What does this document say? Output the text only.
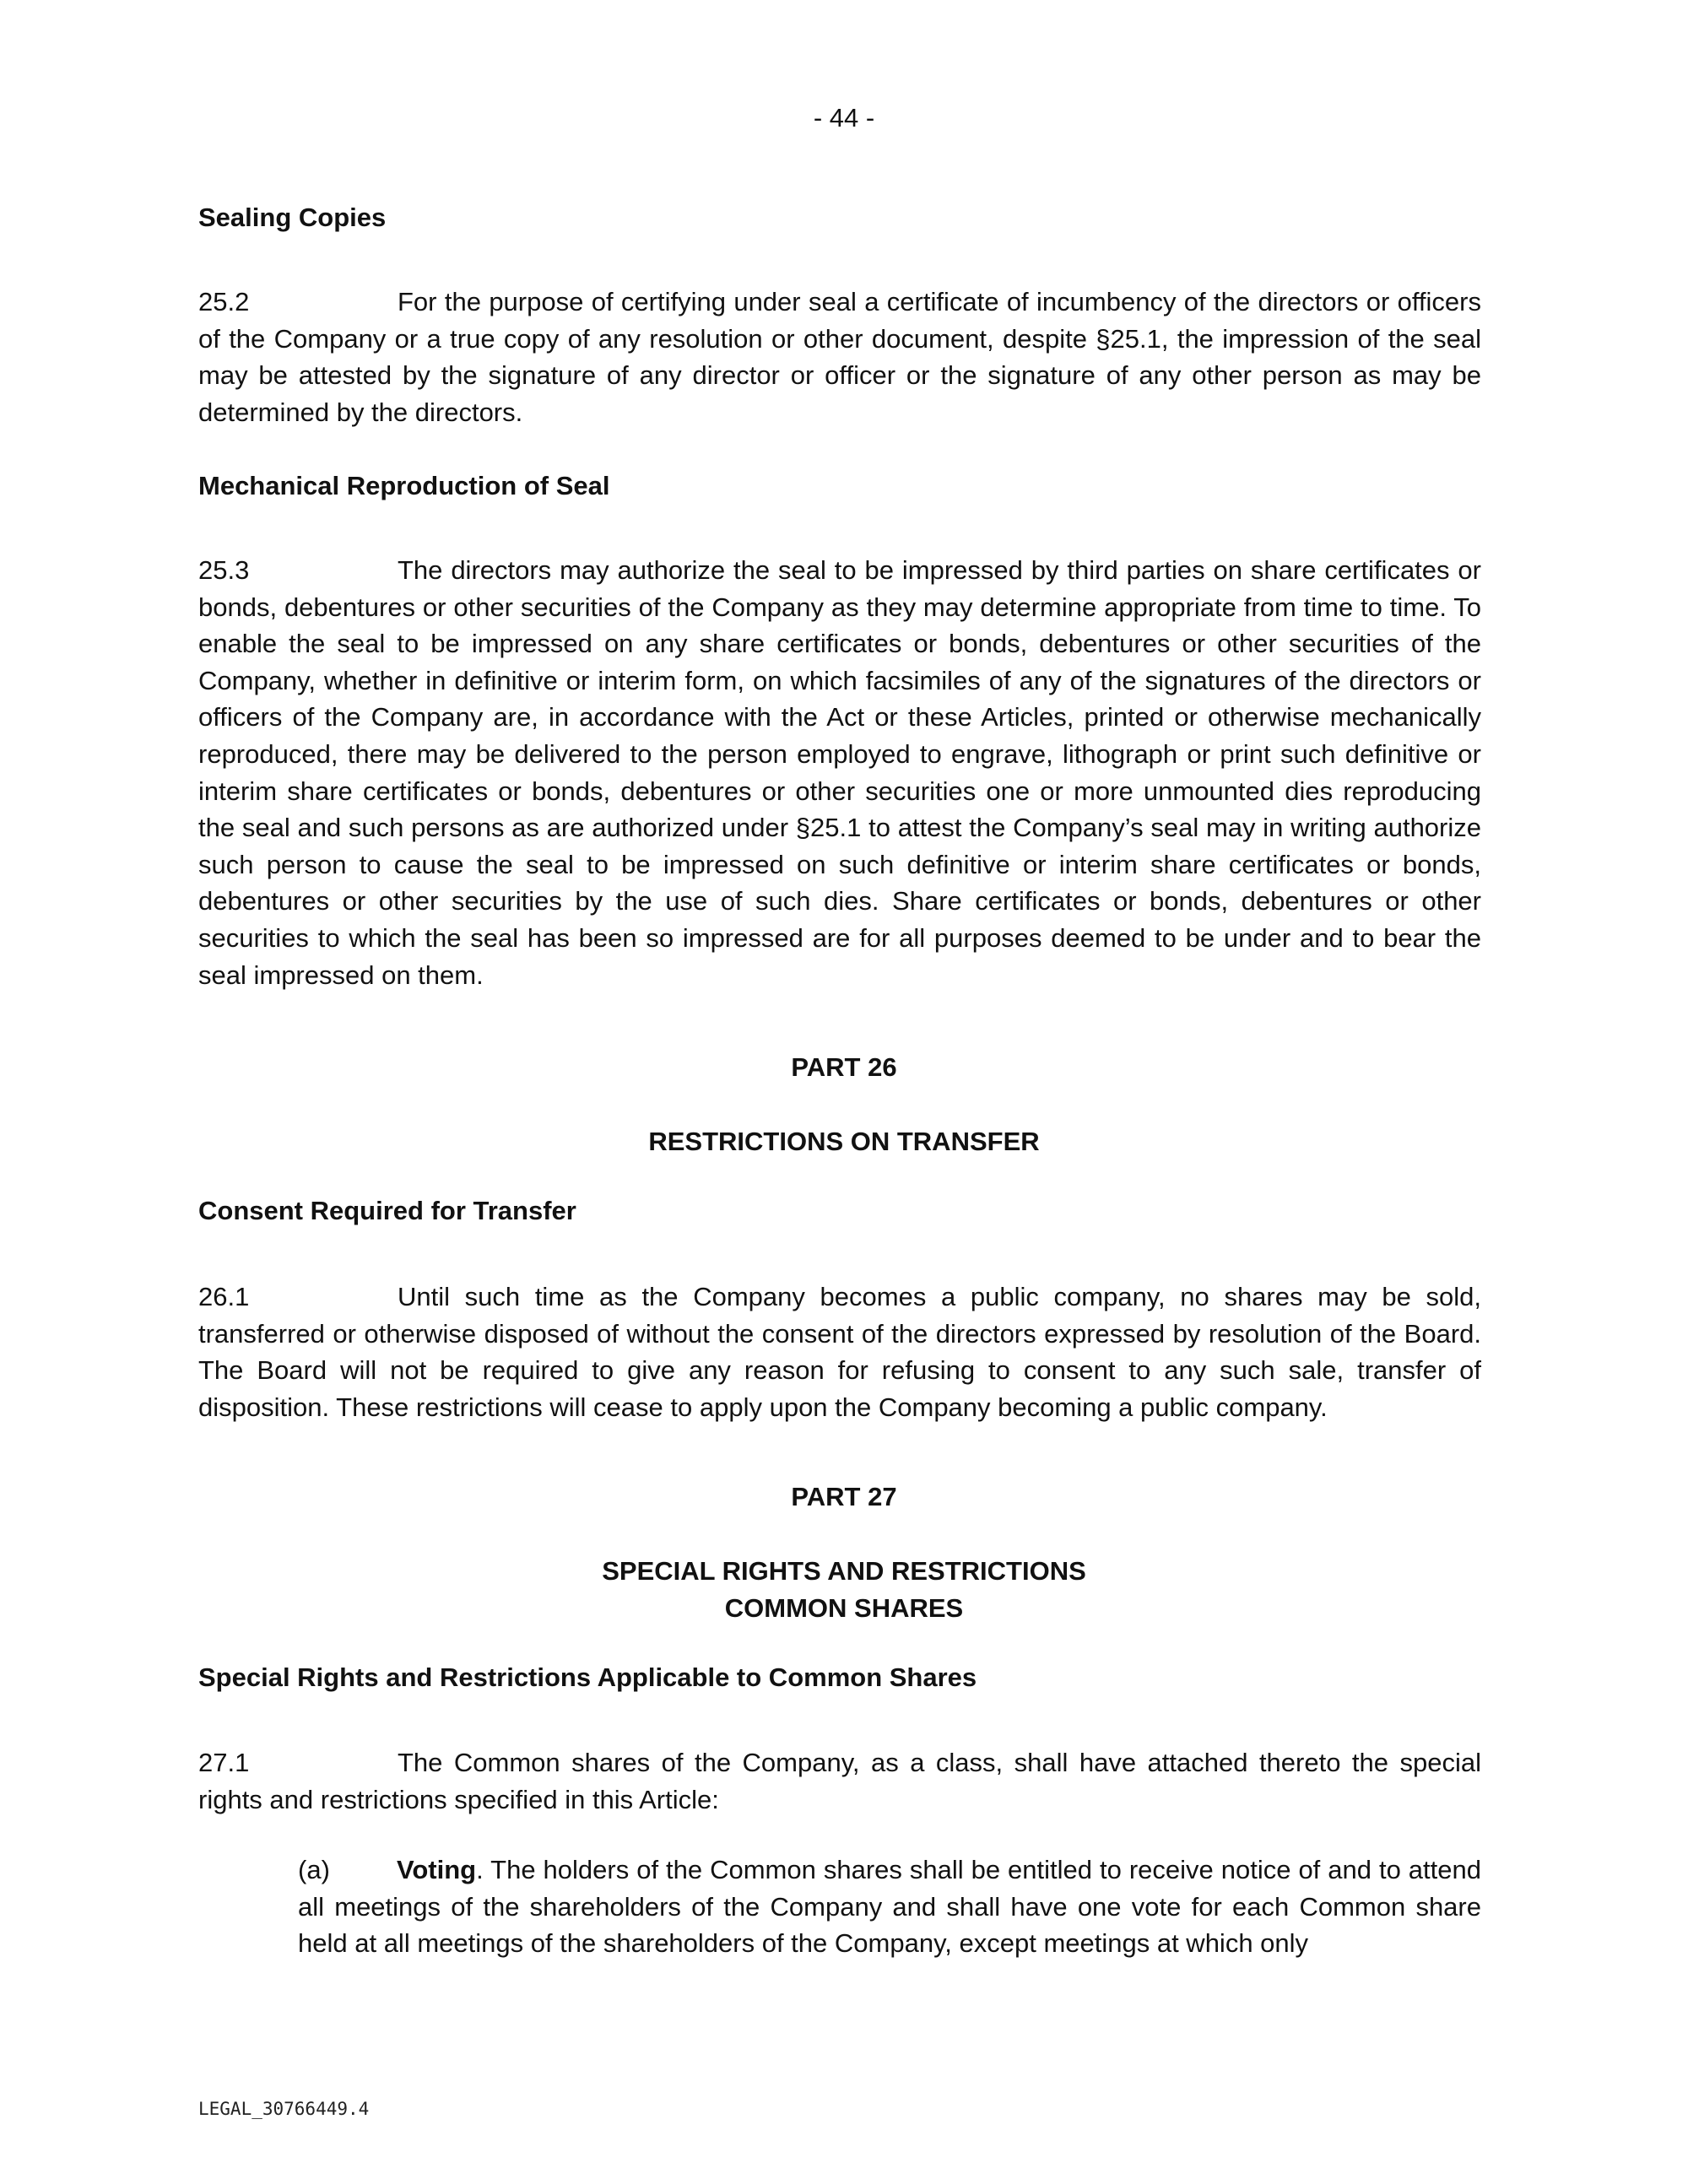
- 44 -
Sealing Copies
25.2	For the purpose of certifying under seal a certificate of incumbency of the directors or officers of the Company or a true copy of any resolution or other document, despite §25.1, the impression of the seal may be attested by the signature of any director or officer or the signature of any other person as may be determined by the directors.
Mechanical Reproduction of Seal
25.3	The directors may authorize the seal to be impressed by third parties on share certificates or bonds, debentures or other securities of the Company as they may determine appropriate from time to time. To enable the seal to be impressed on any share certificates or bonds, debentures or other securities of the Company, whether in definitive or interim form, on which facsimiles of any of the signatures of the directors or officers of the Company are, in accordance with the Act or these Articles, printed or otherwise mechanically reproduced, there may be delivered to the person employed to engrave, lithograph or print such definitive or interim share certificates or bonds, debentures or other securities one or more unmounted dies reproducing the seal and such persons as are authorized under §25.1 to attest the Company’s seal may in writing authorize such person to cause the seal to be impressed on such definitive or interim share certificates or bonds, debentures or other securities by the use of such dies. Share certificates or bonds, debentures or other securities to which the seal has been so impressed are for all purposes deemed to be under and to bear the seal impressed on them.
PART 26
RESTRICTIONS ON TRANSFER
Consent Required for Transfer
26.1	Until such time as the Company becomes a public company, no shares may be sold, transferred or otherwise disposed of without the consent of the directors expressed by resolution of the Board. The Board will not be required to give any reason for refusing to consent to any such sale, transfer of disposition. These restrictions will cease to apply upon the Company becoming a public company.
PART 27
SPECIAL RIGHTS AND RESTRICTIONS
COMMON SHARES
Special Rights and Restrictions Applicable to Common Shares
27.1	The Common shares of the Company, as a class, shall have attached thereto the special rights and restrictions specified in this Article:
(a)	Voting. The holders of the Common shares shall be entitled to receive notice of and to attend all meetings of the shareholders of the Company and shall have one vote for each Common share held at all meetings of the shareholders of the Company, except meetings at which only
LEGAL_30766449.4
